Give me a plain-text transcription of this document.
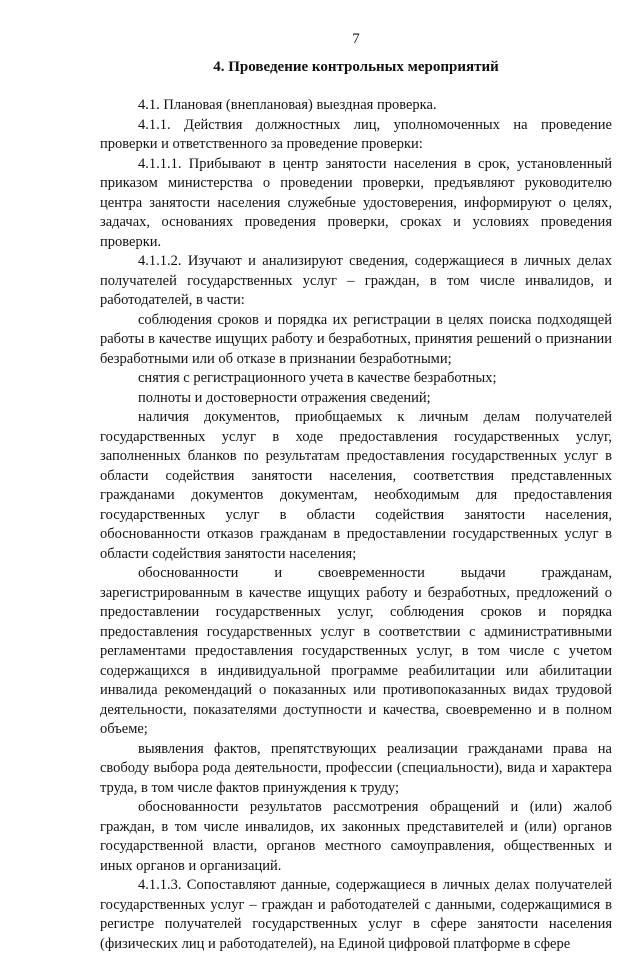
7
4. Проведение контрольных мероприятий

4.1. Плановая (внеплановая) выездная проверка.

4.1.1. Действия должностных лиц, уполномоченных на проведение проверки и ответственного за проведение проверки:

4.1.1.1. Прибывают в центр занятости населения в срок, установленный приказом министерства о проведении проверки, предъявляют руководителю центра занятости населения служебные удостоверения, информируют о целях, задачах, основаниях проведения проверки, сроках и условиях проведения проверки.

4.1.1.2. Изучают и анализируют сведения, содержащиеся в личных делах получателей государственных услуг – граждан, в том числе инвалидов, и работодателей, в части:

соблюдения сроков и порядка их регистрации в целях поиска подходящей работы в качестве ищущих работу и безработных, принятия решений о признании безработными или об отказе в признании безработными;

снятия с регистрационного учета в качестве безработных;

полноты и достоверности отражения сведений;

наличия документов, приобщаемых к личным делам получателей государственных услуг в ходе предоставления государственных услуг, заполненных бланков по результатам предоставления государственных услуг в области содействия занятости населения, соответствия представленных гражданами документов документам, необходимым для предоставления государственных услуг в области содействия занятости населения, обоснованности отказов гражданам в предоставлении государственных услуг в области содействия занятости населения;

обоснованности и своевременности выдачи гражданам, зарегистрированным в качестве ищущих работу и безработных, предложений о предоставлении государственных услуг, соблюдения сроков и порядка предоставления государственных услуг в соответствии с административными регламентами предоставления государственных услуг, в том числе с учетом содержащихся в индивидуальной программе реабилитации или абилитации инвалида рекомендаций о показанных или противопоказанных видах трудовой деятельности, показателями доступности и качества, своевременно и в полном объеме;

выявления фактов, препятствующих реализации гражданами права на свободу выбора рода деятельности, профессии (специальности), вида и характера труда, в том числе фактов принуждения к труду;

обоснованности результатов рассмотрения обращений и (или) жалоб граждан, в том числе инвалидов, их законных представителей и (или) органов государственной власти, органов местного самоуправления, общественных и иных органов и организаций.

4.1.1.3. Сопоставляют данные, содержащиеся в личных делах получателей государственных услуг – граждан и работодателей с данными, содержащимися в регистре получателей государственных услуг в сфере занятости населения (физических лиц и работодателей), на Единой цифровой платформе в сфере
